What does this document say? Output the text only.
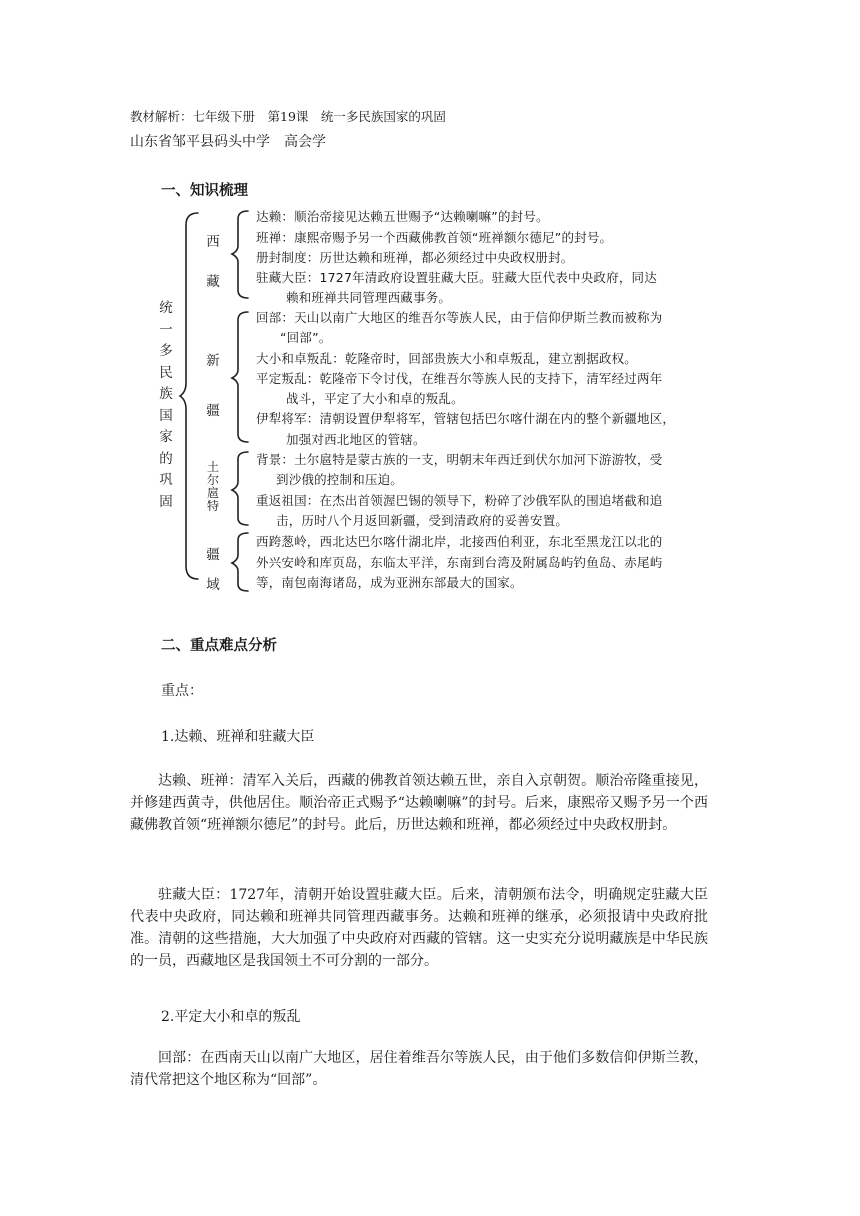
教材解析：七年级下册　第19课　统一多民族国家的巩固
山东省邹平县码头中学　高会学
一、知识梳理
统一多民族国家的巩固
西藏
新疆
土尔扈特
疆域
达赖：顺治帝接见达赖五世赐予“达赖喇嘛”的封号。
班禅：康熙帝赐予另一个西藏佛教首领“班禅额尔德尼”的封号。
册封制度：历世达赖和班禅，都必须经过中央政权册封。
驻藏大臣：1727年清政府设置驻藏大臣。驻藏大臣代表中央政府，同达
赖和班禅共同管理西藏事务。
回部：天山以南广大地区的维吾尔等族人民，由于信仰伊斯兰教而被称为
“回部”。
大小和卓叛乱：乾隆帝时，回部贵族大小和卓叛乱，建立割据政权。
平定叛乱：乾隆帝下令讨伐，在维吾尔等族人民的支持下，清军经过两年
战斗，平定了大小和卓的叛乱。
伊犁将军：清朝设置伊犁将军，管辖包括巴尔喀什湖在内的整个新疆地区，
加强对西北地区的管辖。
背景：土尔扈特是蒙古族的一支，明朝末年西迁到伏尔加河下游游牧，受
到沙俄的控制和压迫。
重返祖国：在杰出首领渥巴锡的领导下，粉碎了沙俄军队的围追堵截和追
击，历时八个月返回新疆，受到清政府的妥善安置。
西跨葱岭，西北达巴尔喀什湖北岸，北接西伯利亚，东北至黑龙江以北的
外兴安岭和库页岛，东临太平洋，东南到台湾及附属岛屿钓鱼岛、赤尾屿
等，南包南海诸岛，成为亚洲东部最大的国家。
二、重点难点分析
重点：
1.达赖、班禅和驻藏大臣
达赖、班禅：清军入关后，西藏的佛教首领达赖五世，亲自入京朝贺。顺治帝隆重接见，并修建西黄寺，供他居住。顺治帝正式赐予“达赖喇嘛”的封号。后来，康熙帝又赐予另一个西藏佛教首领“班禅额尔德尼”的封号。此后，历世达赖和班禅，都必须经过中央政权册封。
驻藏大臣：1727年，清朝开始设置驻藏大臣。后来，清朝颁布法令，明确规定驻藏大臣代表中央政府，同达赖和班禅共同管理西藏事务。达赖和班禅的继承，必须报请中央政府批准。清朝的这些措施，大大加强了中央政府对西藏的管辖。这一史实充分说明藏族是中华民族的一员，西藏地区是我国领土不可分割的一部分。
2.平定大小和卓的叛乱
回部：在西南天山以南广大地区，居住着维吾尔等族人民，由于他们多数信仰伊斯兰教，清代常把这个地区称为“回部”。
